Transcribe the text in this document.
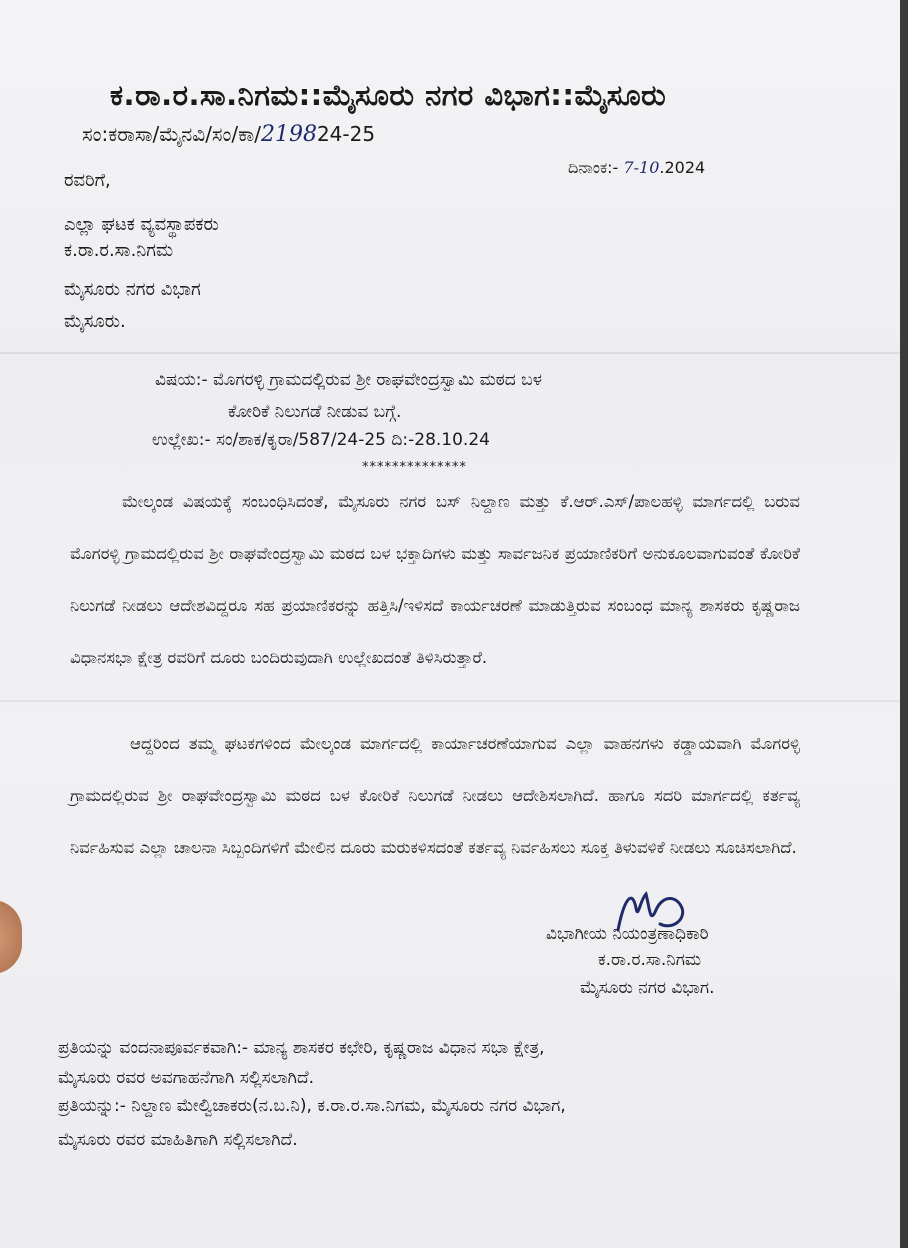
ಕ.ರಾ.ರ.ಸಾ.ನಿಗಮ::ಮೈಸೂರು ನಗರ ವಿಭಾಗ::ಮೈಸೂರು
ಸಂ:ಕರಾಸಾ/ಮೈನವಿ/ಸಂ/ಕಾ/219824-25
ದಿನಾಂಕ:- 7-10.2024
ರವರಿಗೆ,
ಎಲ್ಲಾ ಘಟಕ ವ್ಯವಸ್ಥಾಪಕರು
ಕ.ರಾ.ರ.ಸಾ.ನಿಗಮ
ಮೈಸೂರು ನಗರ ವಿಭಾಗ
ಮೈಸೂರು.
ವಿಷಯ:- ಮೊಗರಳ್ಳಿ ಗ್ರಾಮದಲ್ಲಿರುವ ಶ್ರೀ ರಾಘವೇಂದ್ರಸ್ವಾಮಿ ಮಠದ ಬಳ
ಕೋರಿಕೆ ನಿಲುಗಡೆ ನೀಡುವ ಬಗ್ಗೆ.
ಉಲ್ಲೇಖ:- ಸಂ/ಶಾಕ/ಕೃರಾ/587/24-25 ದಿ:-28.10.24
**************
ಮೇಲ್ಕಂಡ ವಿಷಯಕ್ಕೆ ಸಂಬಂಧಿಸಿದಂತೆ, ಮೈಸೂರು ನಗರ ಬಸ್ ನಿಲ್ದಾಣ ಮತ್ತು ಕೆ.ಆರ್.ಎಸ್/ಪಾಲಹಳ್ಳಿ ಮಾರ್ಗದಲ್ಲಿ ಬರುವ ಮೊಗರಳ್ಳಿ ಗ್ರಾಮದಲ್ಲಿರುವ ಶ್ರೀ ರಾಘವೇಂದ್ರಸ್ವಾಮಿ ಮಠದ ಬಳ ಭಕ್ತಾದಿಗಳು ಮತ್ತು ಸಾರ್ವಜನಿಕ ಪ್ರಯಾಣಿಕರಿಗೆ ಅನುಕೂಲವಾಗುವಂತೆ ಕೋರಿಕೆ ನಿಲುಗಡೆ ನೀಡಲು ಆದೇಶವಿದ್ದರೂ ಸಹ ಪ್ರಯಾಣಿಕರನ್ನು ಹತ್ತಿಸಿ/ಇಳಿಸದೆ ಕಾರ್ಯಚರಣೆ ಮಾಡುತ್ತಿರುವ ಸಂಬಂಧ ಮಾನ್ಯ ಶಾಸಕರು ಕೃಷ್ಣರಾಜ ವಿಧಾನಸಭಾ ಕ್ಷೇತ್ರ ರವರಿಗೆ ದೂರು ಬಂದಿರುವುದಾಗಿ ಉಲ್ಲೇಖದಂತೆ ತಿಳಿಸಿರುತ್ತಾರೆ.
ಆದ್ದರಿಂದ ತಮ್ಮ ಘಟಕಗಳಿಂದ ಮೇಲ್ಕಂಡ ಮಾರ್ಗದಲ್ಲಿ ಕಾರ್ಯಾಚರಣೆಯಾಗುವ ಎಲ್ಲಾ ವಾಹನಗಳು ಕಡ್ಡಾಯವಾಗಿ ಮೊಗರಳ್ಳಿ ಗ್ರಾಮದಲ್ಲಿರುವ ಶ್ರೀ ರಾಘವೇಂದ್ರಸ್ವಾಮಿ ಮಠದ ಬಳ ಕೋರಿಕೆ ನಿಲುಗಡೆ ನೀಡಲು ಆದೇಶಿಸಲಾಗಿದೆ. ಹಾಗೂ ಸದರಿ ಮಾರ್ಗದಲ್ಲಿ ಕರ್ತವ್ಯ ನಿರ್ವಹಿಸುವ ಎಲ್ಲಾ ಚಾಲನಾ ಸಿಬ್ಬಂದಿಗಳಿಗೆ ಮೇಲಿನ ದೂರು ಮರುಕಳಿಸದಂತೆ ಕರ್ತವ್ಯ ನಿರ್ವಹಿಸಲು ಸೂಕ್ತ ತಿಳುವಳಿಕೆ ನೀಡಲು ಸೂಚಿಸಲಾಗಿದೆ.
ವಿಭಾಗೀಯ ನಿಯಂತ್ರಣಾಧಿಕಾರಿ
ಕ.ರಾ.ರ.ಸಾ.ನಿಗಮ
ಮೈಸೂರು ನಗರ ವಿಭಾಗ.
ಪ್ರತಿಯನ್ನು ವಂದನಾಪೂರ್ವಕವಾಗಿ:- ಮಾನ್ಯ ಶಾಸಕರ ಕಛೇರಿ, ಕೃಷ್ಣರಾಜ ವಿಧಾನ ಸಭಾ ಕ್ಷೇತ್ರ,
ಮೈಸೂರು ರವರ ಅವಗಾಹನೆಗಾಗಿ ಸಲ್ಲಿಸಲಾಗಿದೆ.
ಪ್ರತಿಯನ್ನು:- ನಿಲ್ದಾಣ ಮೇಲ್ವಿಚಾಕರು(ನ.ಬ.ನಿ), ಕ.ರಾ.ರ.ಸಾ.ನಿಗಮ, ಮೈಸೂರು ನಗರ ವಿಭಾಗ,
ಮೈಸೂರು ರವರ ಮಾಹಿತಿಗಾಗಿ ಸಲ್ಲಿಸಲಾಗಿದೆ.
